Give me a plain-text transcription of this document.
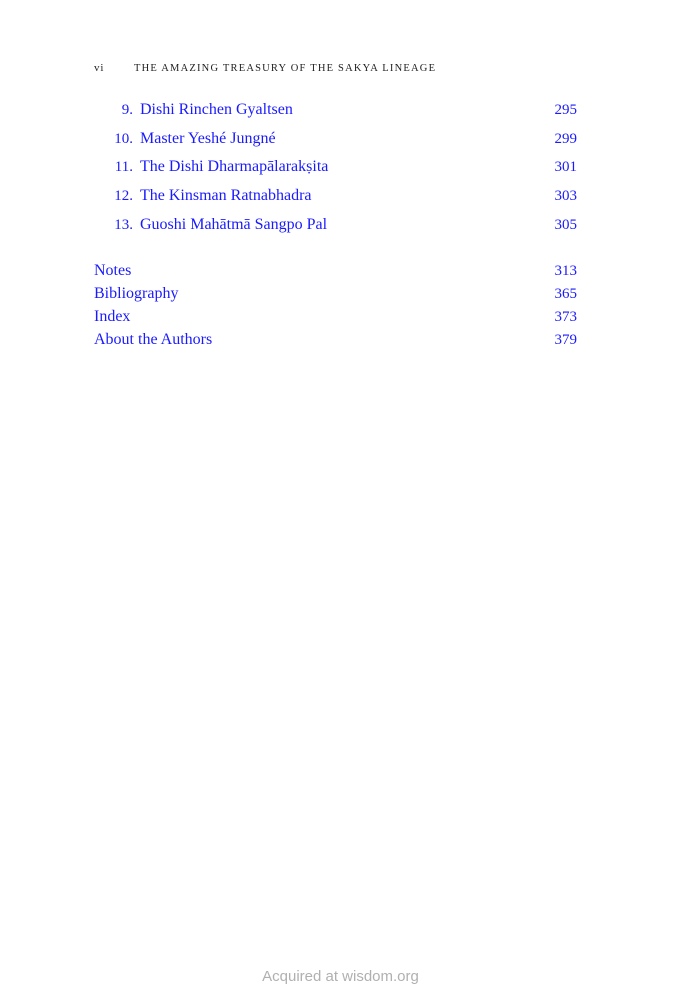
vi	THE AMAZING TREASURY OF THE SAKYA LINEAGE
9. Dishi Rinchen Gyaltsen	295
10. Master Yeshé Jungné	299
11. The Dishi Dharmapālarakṣita	301
12. The Kinsman Ratnabhadra	303
13. Guoshi Mahātmā Sangpo Pal	305
Notes	313
Bibliography	365
Index	373
About the Authors	379
Acquired at wisdom.org
